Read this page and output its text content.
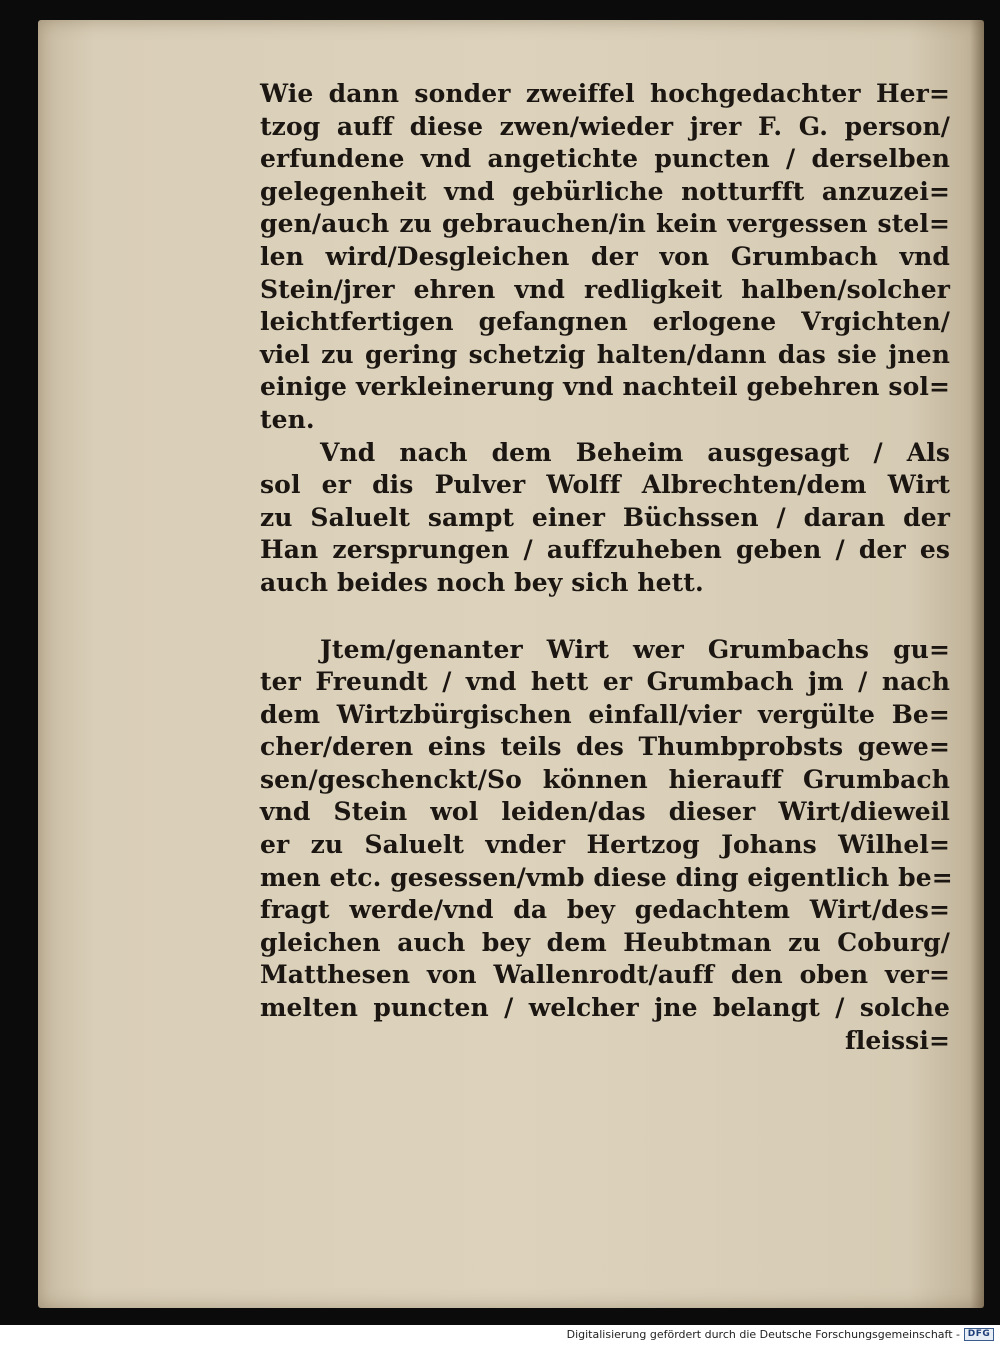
Wie dann sonder zweiffel hochgedachter Her=
tzog auff diese zwen/wieder jrer F. G. person/
erfundene vnd angetichte puncten / derselben
gelegenheit vnd gebürliche notturfft anzuzei=
gen/auch zu gebrauchen/in kein vergessen stel=
len wird/Desgleichen der von Grumbach vnd
Stein/jrer ehren vnd redligkeit halben/solcher
leichtfertigen gefangnen erlogene Vrgichten/
viel zu gering schetzig halten/dann das sie jnen
einige verkleinerung vnd nachteil gebehren sol=
ten.
Vnd nach dem Beheim ausgesagt / Als
sol er dis Pulver Wolff Albrechten/dem Wirt
zu Saluelt sampt einer Büchssen / daran der
Han zersprungen / auffzuheben geben / der es
auch beides noch bey sich hett.
Jtem/genanter Wirt wer Grumbachs gu=
ter Freundt / vnd hett er Grumbach jm / nach
dem Wirtzbürgischen einfall/vier vergülte Be=
cher/deren eins teils des Thumbprobsts gewe=
sen/geschenckt/So können hierauff Grumbach
vnd Stein wol leiden/das dieser Wirt/dieweil
er zu Saluelt vnder Hertzog Johans Wilhel=
men etc. gesessen/vmb diese ding eigentlich be=
fragt werde/vnd da bey gedachtem Wirt/des=
gleichen auch bey dem Heubtman zu Coburg/
Matthesen von Wallenrodt/auff den oben ver=
melten puncten / welcher jne belangt / solche
fleissi=
Digitalisierung gefördert durch die Deutsche Forschungsgemeinschaft - DFG
